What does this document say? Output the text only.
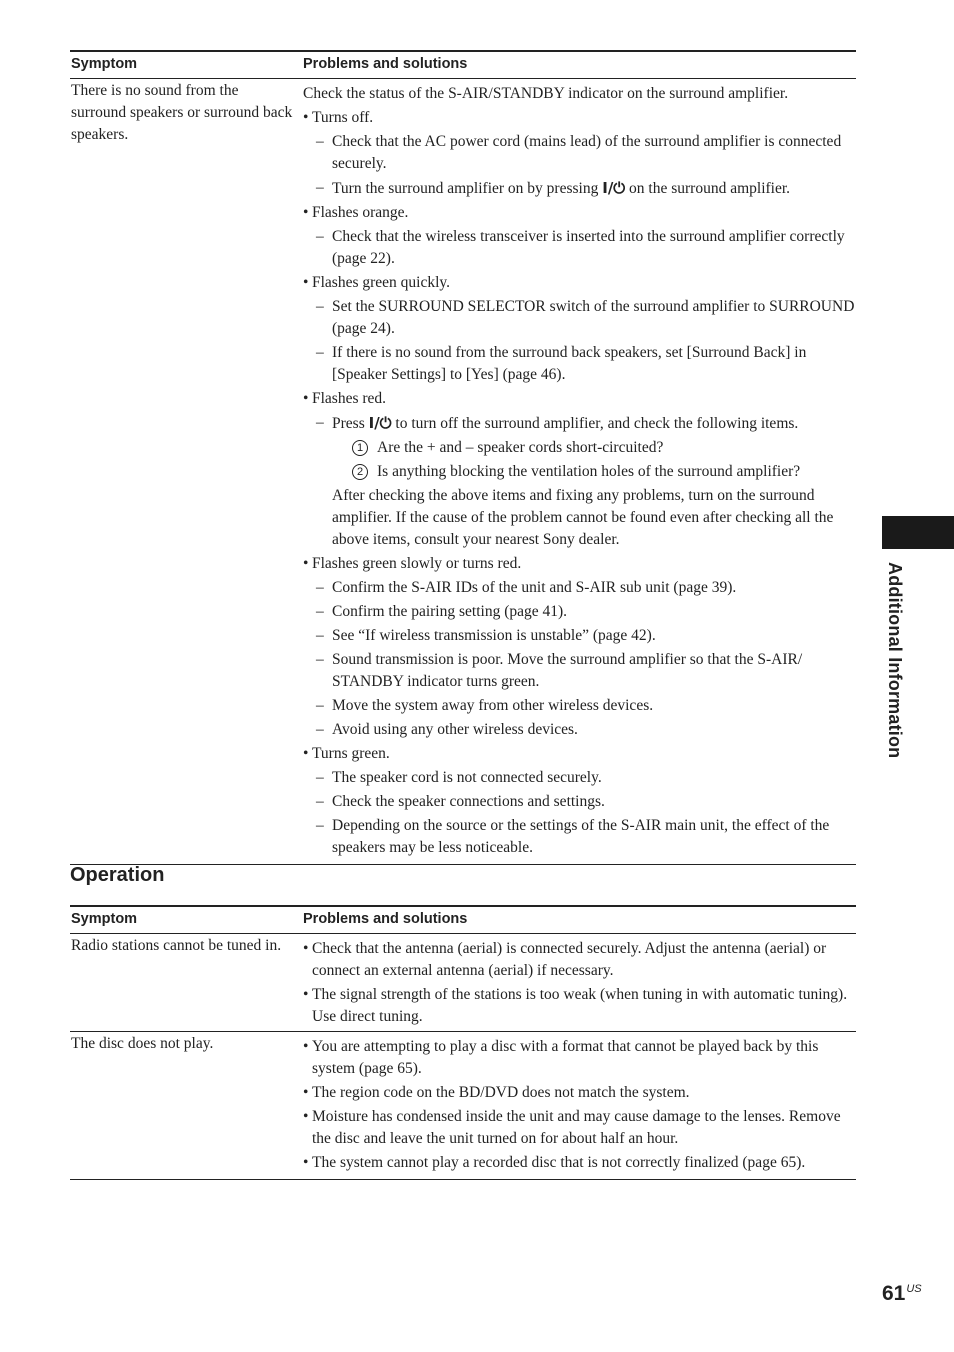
Symptom	Problems and solutions
There is no sound from the surround speakers or surround back speakers.
Check the status of the S-AIR/STANDBY indicator on the surround amplifier.
• Turns off.
– Check that the AC power cord (mains lead) of the surround amplifier is connected securely.
– Turn the surround amplifier on by pressing I/⏻ on the surround amplifier.
• Flashes orange.
– Check that the wireless transceiver is inserted into the surround amplifier correctly (page 22).
• Flashes green quickly.
– Set the SURROUND SELECTOR switch of the surround amplifier to SURROUND (page 24).
– If there is no sound from the surround back speakers, set [Surround Back] in [Speaker Settings] to [Yes] (page 46).
• Flashes red.
– Press I/⏻ to turn off the surround amplifier, and check the following items.
1 Are the + and – speaker cords short-circuited?
2 Is anything blocking the ventilation holes of the surround amplifier?
After checking the above items and fixing any problems, turn on the surround amplifier. If the cause of the problem cannot be found even after checking all the above items, consult your nearest Sony dealer.
• Flashes green slowly or turns red.
– Confirm the S-AIR IDs of the unit and S-AIR sub unit (page 39).
– Confirm the pairing setting (page 41).
– See “If wireless transmission is unstable” (page 42).
– Sound transmission is poor. Move the surround amplifier so that the S-AIR/ STANDBY indicator turns green.
– Move the system away from other wireless devices.
– Avoid using any other wireless devices.
• Turns green.
– The speaker cord is not connected securely.
– Check the speaker connections and settings.
– Depending on the source or the settings of the S-AIR main unit, the effect of the speakers may be less noticeable.
Operation
Symptom	Problems and solutions
Radio stations cannot be tuned in.	• Check that the antenna (aerial) is connected securely. Adjust the antenna (aerial) or connect an external antenna (aerial) if necessary.
• The signal strength of the stations is too weak (when tuning in with automatic tuning). Use direct tuning.
The disc does not play.	• You are attempting to play a disc with a format that cannot be played back by this system (page 65).
• The region code on the BD/DVD does not match the system.
• Moisture has condensed inside the unit and may cause damage to the lenses. Remove the disc and leave the unit turned on for about half an hour.
• The system cannot play a recorded disc that is not correctly finalized (page 65).
Additional Information
$61^{US}$
